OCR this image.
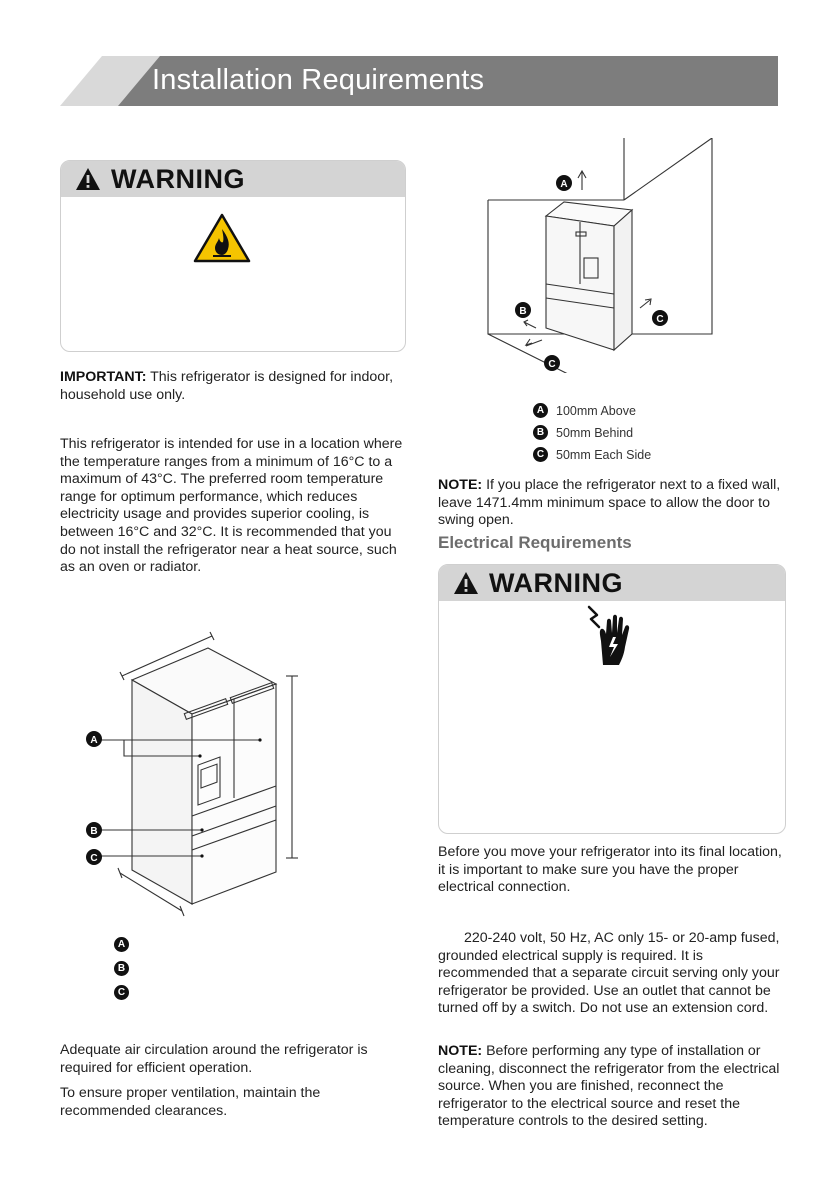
Installation Requirements
WARNING

IMPORTANT: This refrigerator is designed for indoor, household use only.

This refrigerator is intended for use in a location where the temperature ranges from a minimum of 16°C to a maximum of 43°C. The preferred room temperature range for optimum performance, which reduces electricity usage and provides superior cooling, is between 16°C and 32°C. It is recommended that you do not install the refrigerator near a heat source, such as an oven or radiator.

A
B
C
A
B
C

Adequate air circulation around the refrigerator is required for efficient operation.

To ensure proper ventilation, maintain the recommended clearances.

A
B
C
C
A 100mm Above
B 50mm Behind
C 50mm Each Side

NOTE: If you place the refrigerator next to a fixed wall, leave 1471.4mm minimum space to allow the door to swing open.

Electrical Requirements
WARNING

Before you move your refrigerator into its final location, it is important to make sure you have the proper electrical connection.

220-240 volt, 50 Hz, AC only 15- or 20-amp fused, grounded electrical supply is required. It is recommended that a separate circuit serving only your refrigerator be provided. Use an outlet that cannot be turned off by a switch. Do not use an extension cord.

NOTE: Before performing any type of installation or cleaning, disconnect the refrigerator from the electrical source. When you are finished, reconnect the refrigerator to the electrical source and reset the temperature controls to the desired setting.
